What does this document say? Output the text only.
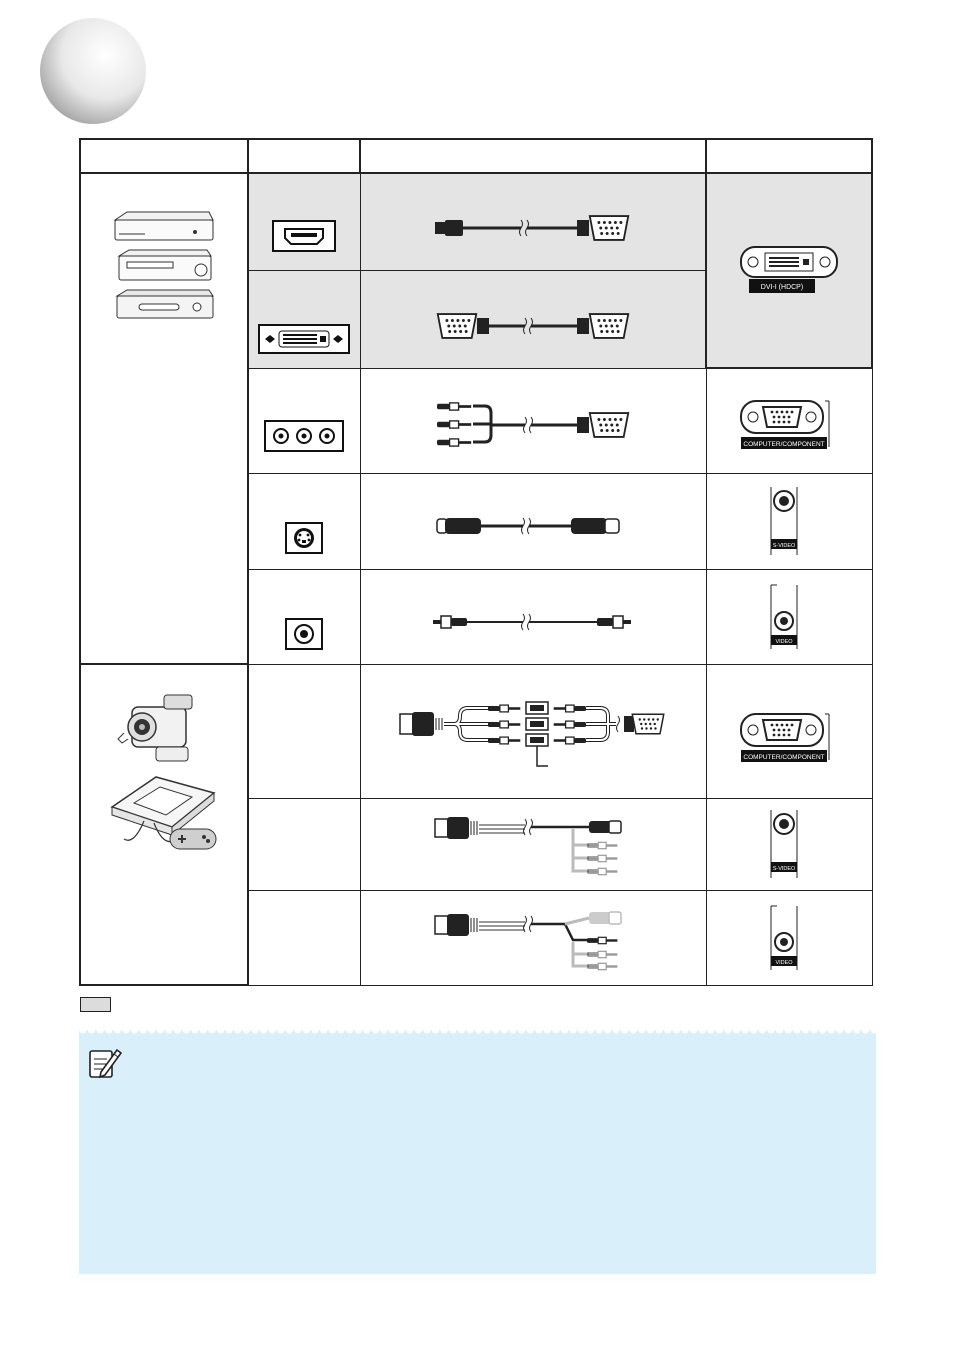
DVI-I (HDCP)

COMPUTER/COMPONENT

S-VIDEO

VIDEO

COMPUTER/COMPONENT

S-VIDEO

VIDEO
